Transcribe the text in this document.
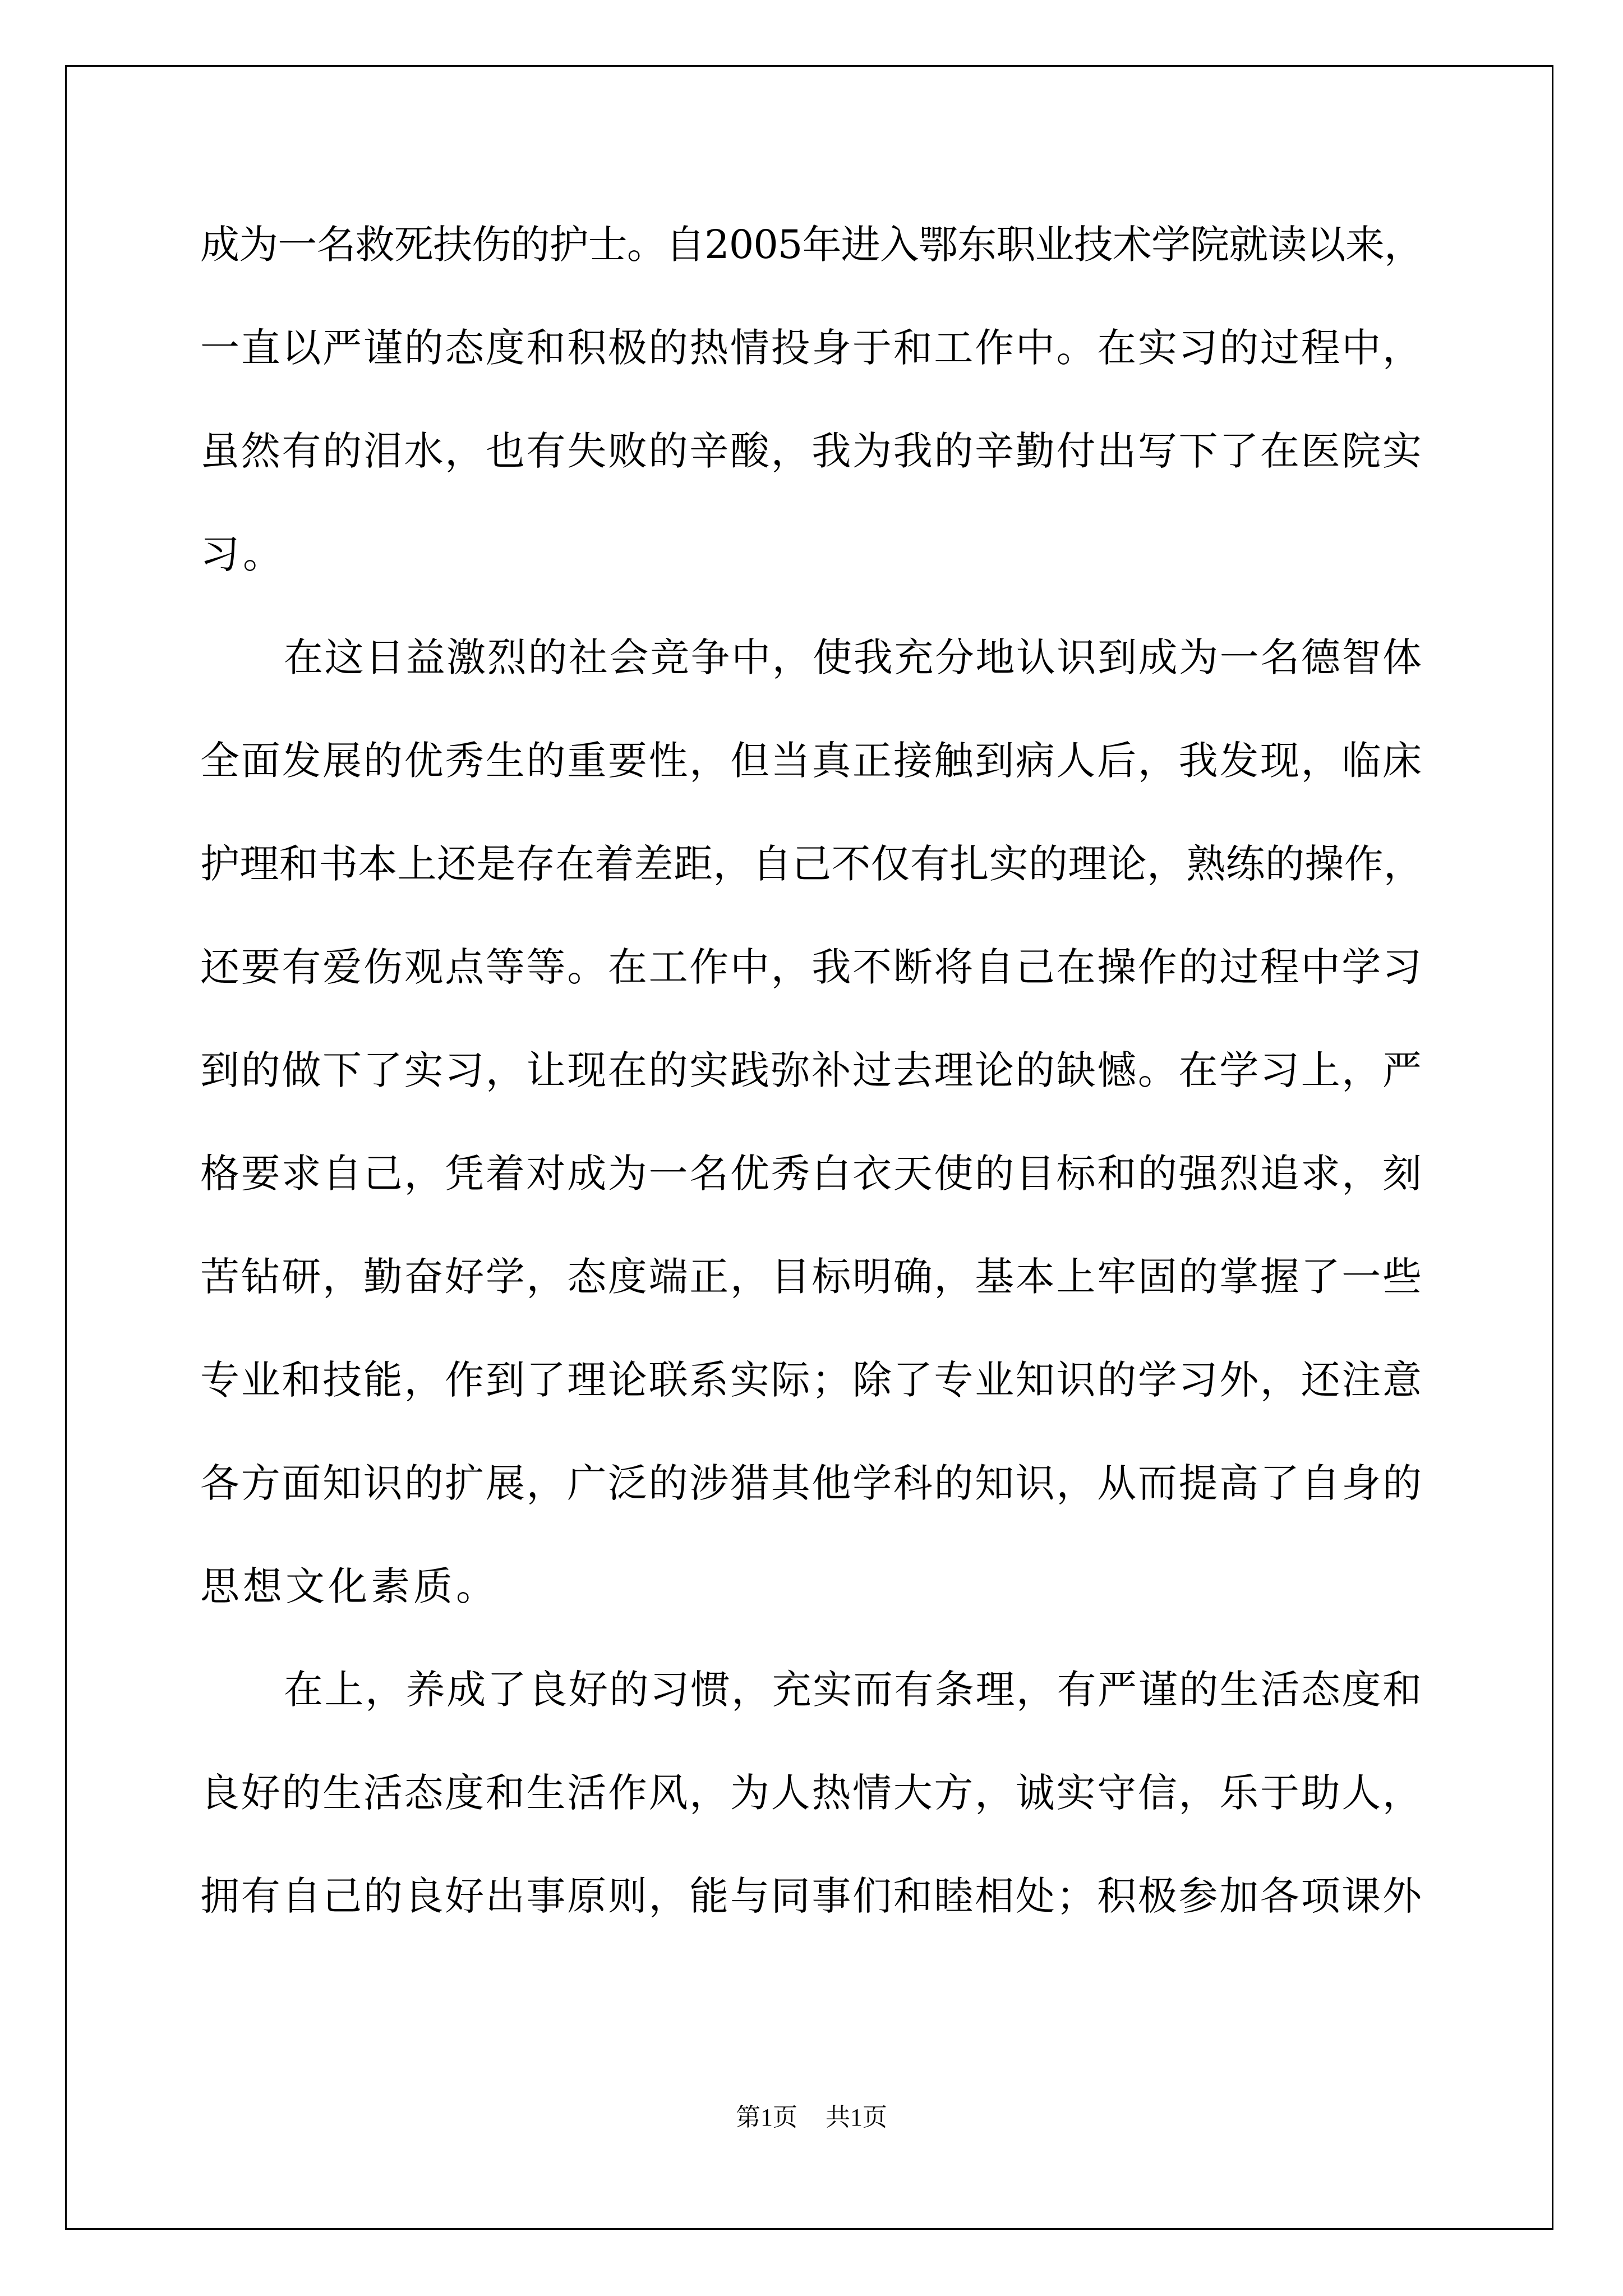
成为一名救死扶伤的护士。自2005年进入鄂东职业技术学院就读以来，
一直以严谨的态度和积极的热情投身于和工作中。在实习的过程中，
虽然有的泪水，也有失败的辛酸，我为我的辛勤付出写下了在医院实
习。
在这日益激烈的社会竞争中，使我充分地认识到成为一名德智体
全面发展的优秀生的重要性，但当真正接触到病人后，我发现，临床
护理和书本上还是存在着差距，自己不仅有扎实的理论，熟练的操作，
还要有爱伤观点等等。在工作中，我不断将自己在操作的过程中学习
到的做下了实习，让现在的实践弥补过去理论的缺憾。在学习上，严
格要求自己，凭着对成为一名优秀白衣天使的目标和的强烈追求，刻
苦钻研，勤奋好学，态度端正，目标明确，基本上牢固的掌握了一些
专业和技能，作到了理论联系实际；除了专业知识的学习外，还注意
各方面知识的扩展，广泛的涉猎其他学科的知识，从而提高了自身的
思想文化素质。
在上，养成了良好的习惯，充实而有条理，有严谨的生活态度和
良好的生活态度和生活作风，为人热情大方，诚实守信，乐于助人，
拥有自己的良好出事原则，能与同事们和睦相处；积极参加各项课外
第1页 共1页
